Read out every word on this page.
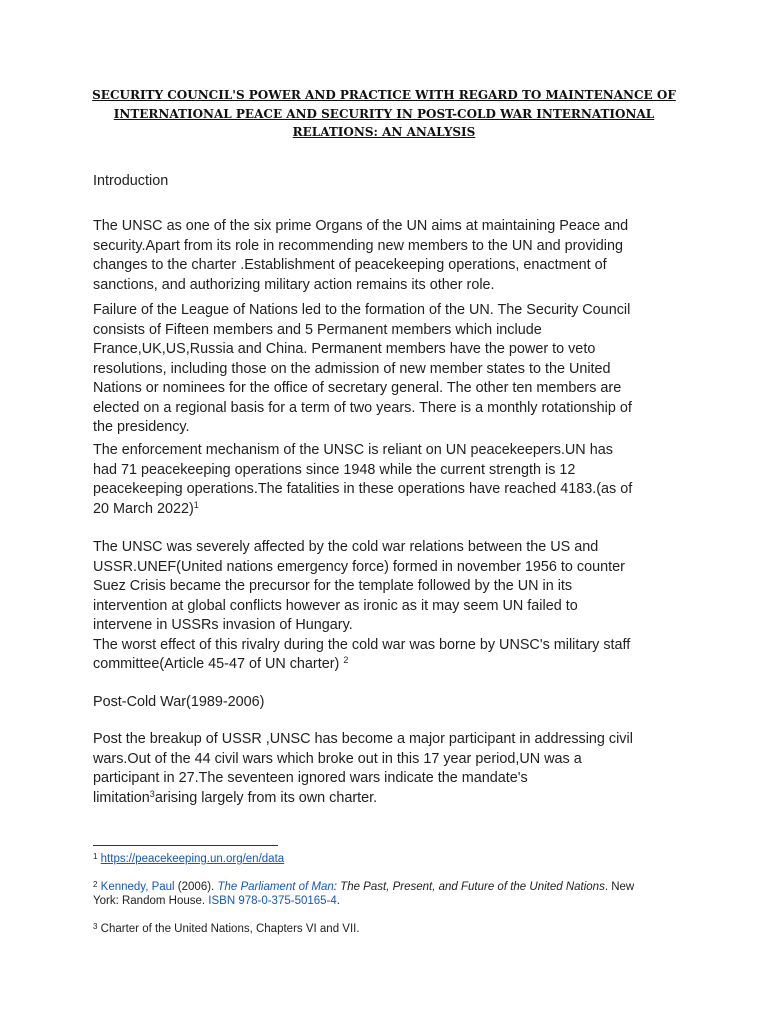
SECURITY COUNCIL'S POWER AND PRACTICE WITH REGARD TO MAINTENANCE OF
INTERNATIONAL PEACE AND SECURITY IN POST-COLD WAR INTERNATIONAL
RELATIONS: AN ANALYSIS
Introduction
The UNSC as one of the six prime Organs of the UN aims at maintaining Peace and
security.Apart from its role in recommending new members to the UN and providing
changes to the charter .Establishment of peacekeeping operations, enactment of
sanctions, and authorizing military action remains its other role.
Failure of the League of Nations led to the formation of the UN. The Security Council
consists of Fifteen members and 5 Permanent members which include
France,UK,US,Russia and China. Permanent members have the power to veto
resolutions, including those on the admission of new member states to the United
Nations or nominees for the office of secretary general. The other ten members are
elected on a regional basis for a term of two years. There is a monthly rotationship of
the presidency.
The enforcement mechanism of the UNSC is reliant on UN peacekeepers.UN has
had 71 peacekeeping operations since 1948 while the current strength is 12
peacekeeping operations.The fatalities in these operations have reached 4183.(as of
20 March 2022)$^1$
The UNSC was severely affected by the cold war relations between the US and
USSR.UNEF(United nations emergency force) formed in november 1956 to counter
Suez Crisis became the precursor for the template followed by the UN in its
intervention at global conflicts however as ironic as it may seem UN failed to
intervene in USSRs invasion of Hungary.
The worst effect of this rivalry during the cold war was borne by UNSC's military staff
committee(Article 45-47 of UN charter) $^2$
Post-Cold War(1989-2006)
Post the breakup of USSR ,UNSC has become a major participant in addressing civil
wars.Out of the 44 civil wars which broke out in this 17 year period,UN was a
participant in 27.The seventeen ignored wars indicate the mandate's
limitation$^3$arising largely from its own charter.
$^1$ https://peacekeeping.un.org/en/data
$^2$ Kennedy, Paul (2006). The Parliament of Man: The Past, Present, and Future of the United Nations. New
York: Random House. ISBN 978-0-375-50165-4.
$^3$ Charter of the United Nations, Chapters VI and VII.
